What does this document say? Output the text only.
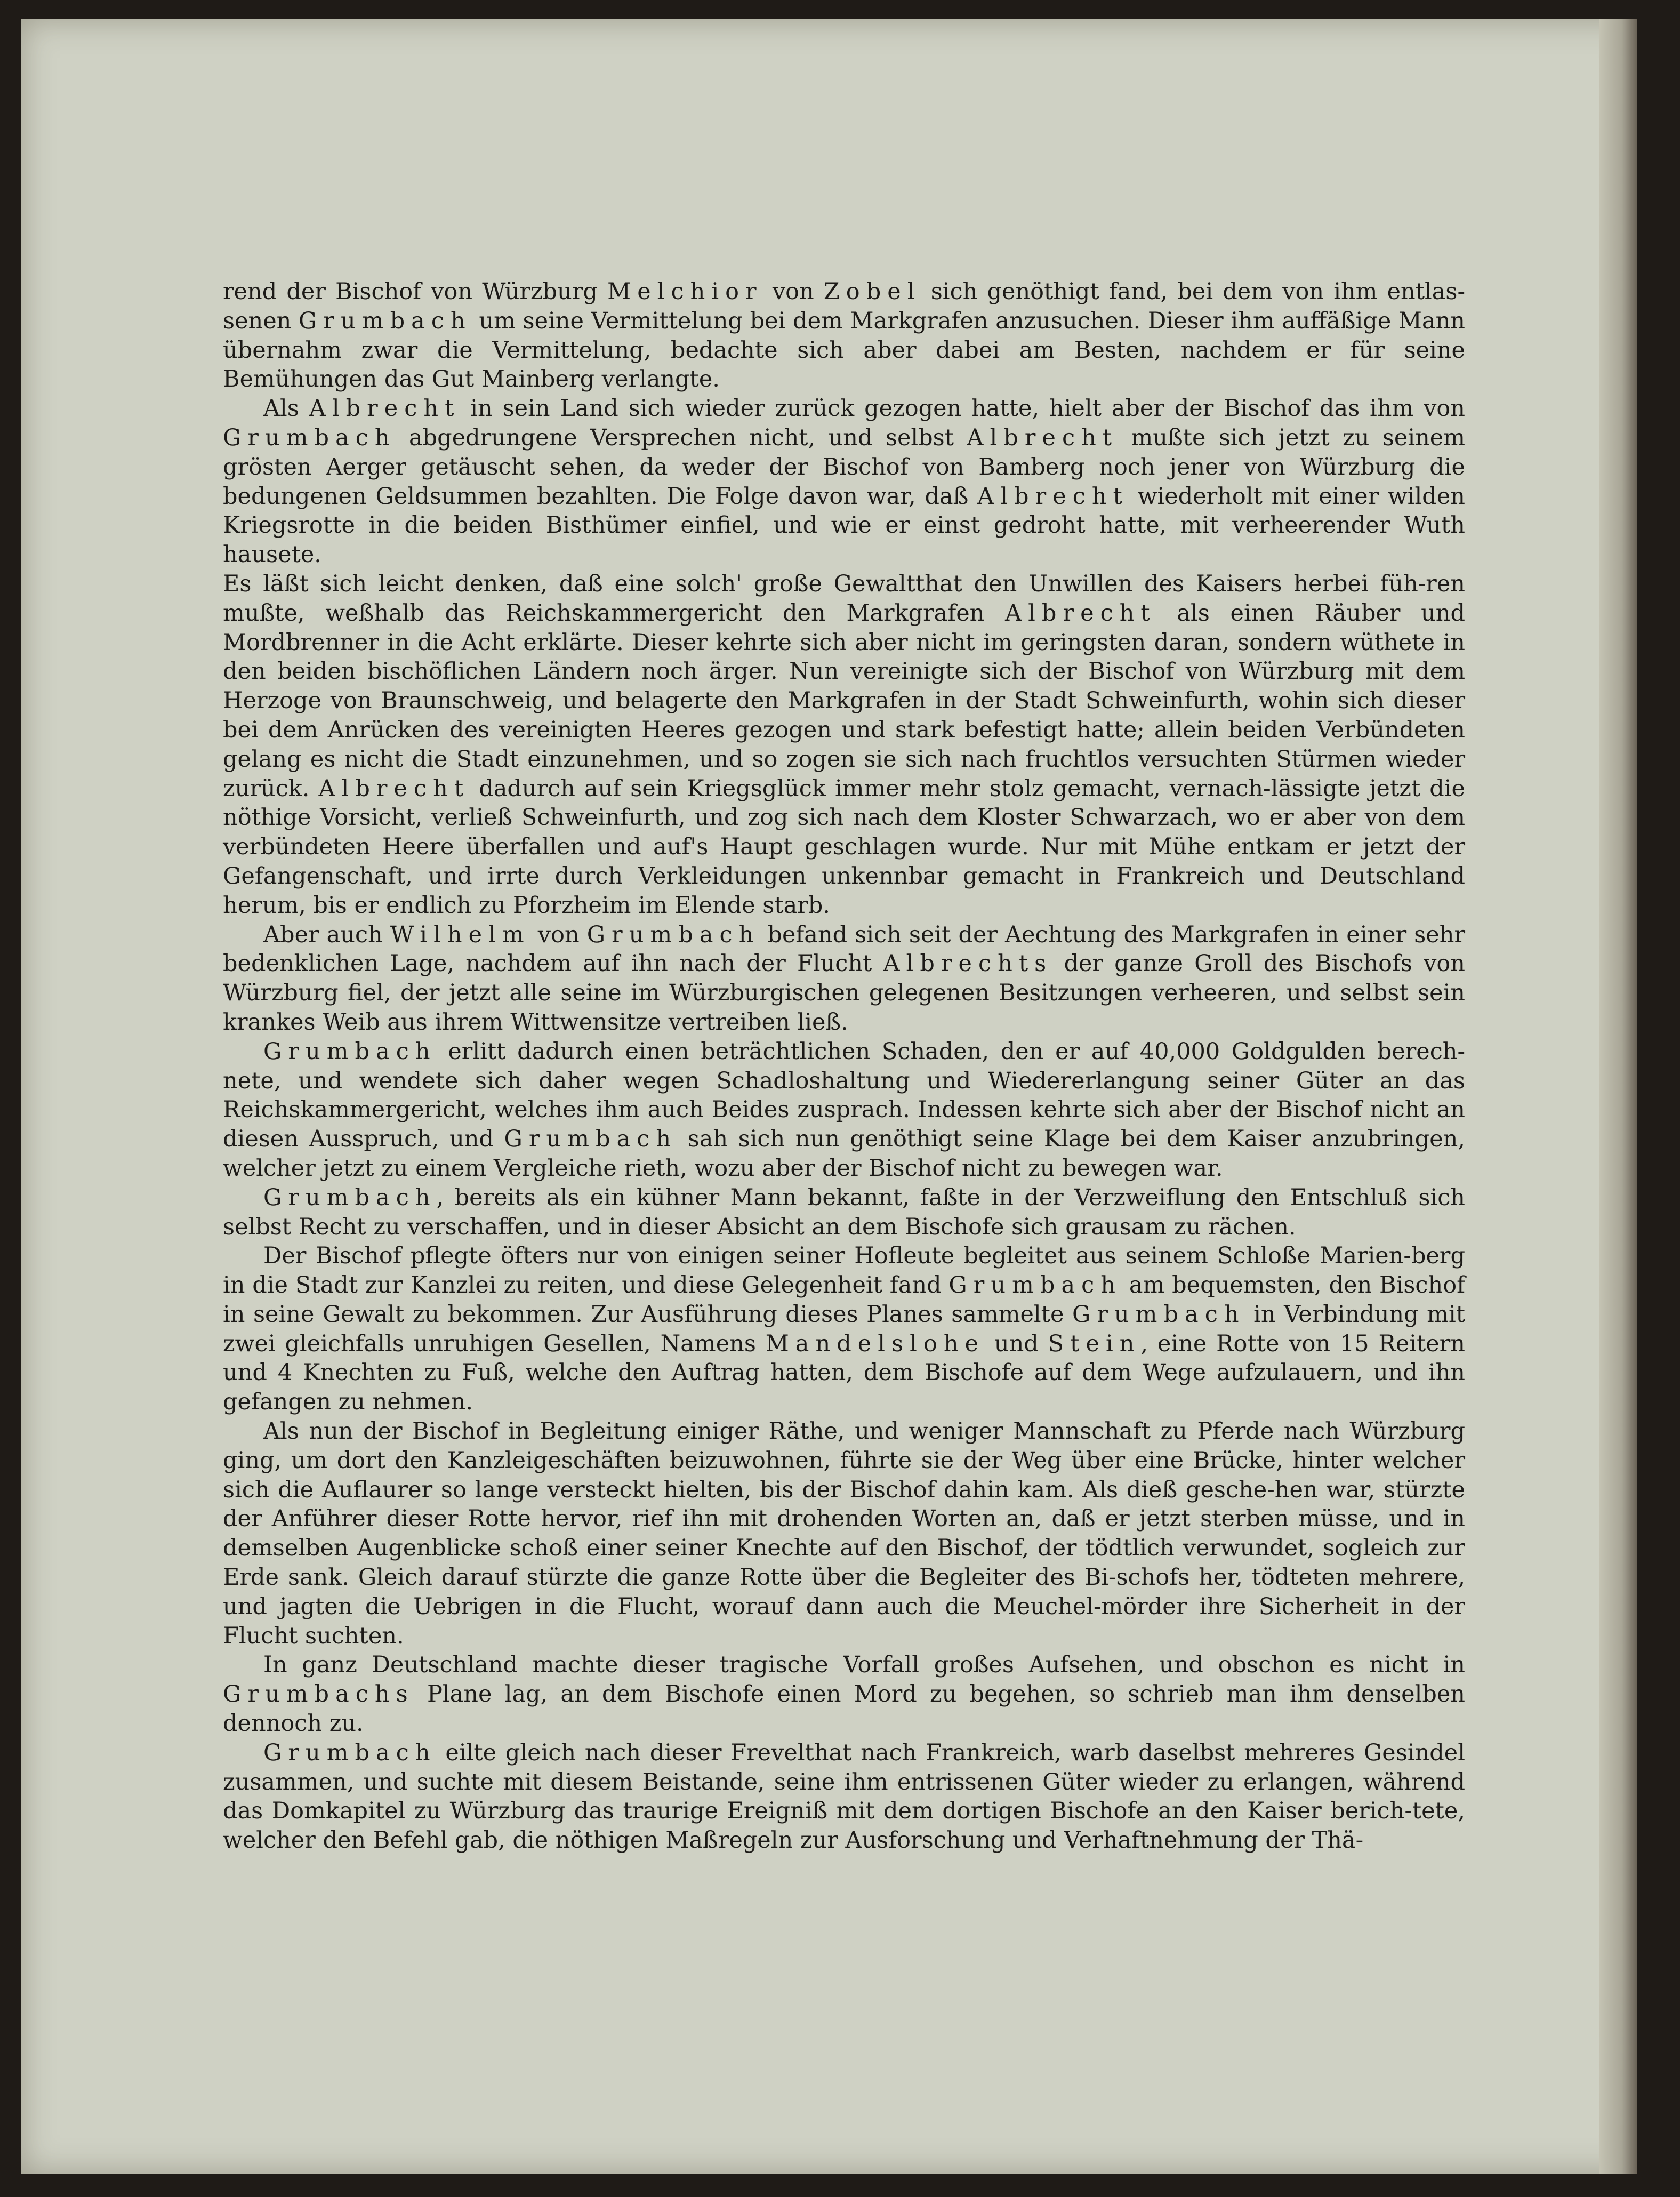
rend der Bischof von Würzburg Melchior von Zobel sich genöthigt fand, bei dem von ihm entlas-senen Grumbach um seine Vermittelung bei dem Markgrafen anzusuchen. Dieser ihm auffäßige Mann übernahm zwar die Vermittelung, bedachte sich aber dabei am Besten, nachdem er für seine Bemühungen das Gut Mainberg verlangte.

Als Albrecht in sein Land sich wieder zurück gezogen hatte, hielt aber der Bischof das ihm von Grumbach abgedrungene Versprechen nicht, und selbst Albrecht mußte sich jetzt zu seinem grösten Aerger getäuscht sehen, da weder der Bischof von Bamberg noch jener von Würzburg die bedungenen Geldsummen bezahlten. Die Folge davon war, daß Albrecht wiederholt mit einer wilden Kriegsrotte in die beiden Bisthümer einfiel, und wie er einst gedroht hatte, mit verheerender Wuth hausete.

Es läßt sich leicht denken, daß eine solch' große Gewaltthat den Unwillen des Kaisers herbei füh-ren mußte, weßhalb das Reichskammergericht den Markgrafen Albrecht als einen Räuber und Mordbrenner in die Acht erklärte. Dieser kehrte sich aber nicht im geringsten daran, sondern wüthete in den beiden bischöflichen Ländern noch ärger. Nun vereinigte sich der Bischof von Würzburg mit dem Herzoge von Braunschweig, und belagerte den Markgrafen in der Stadt Schweinfurth, wohin sich dieser bei dem Anrücken des vereinigten Heeres gezogen und stark befestigt hatte; allein beiden Verbündeten gelang es nicht die Stadt einzunehmen, und so zogen sie sich nach fruchtlos versuchten Stürmen wieder zurück. Albrecht dadurch auf sein Kriegsglück immer mehr stolz gemacht, vernach-lässigte jetzt die nöthige Vorsicht, verließ Schweinfurth, und zog sich nach dem Kloster Schwarzach, wo er aber von dem verbündeten Heere überfallen und auf's Haupt geschlagen wurde. Nur mit Mühe entkam er jetzt der Gefangenschaft, und irrte durch Verkleidungen unkennbar gemacht in Frankreich und Deutschland herum, bis er endlich zu Pforzheim im Elende starb.

Aber auch Wilhelm von Grumbach befand sich seit der Aechtung des Markgrafen in einer sehr bedenklichen Lage, nachdem auf ihn nach der Flucht Albrechts der ganze Groll des Bischofs von Würzburg fiel, der jetzt alle seine im Würzburgischen gelegenen Besitzungen verheeren, und selbst sein krankes Weib aus ihrem Wittwensitze vertreiben ließ.

Grumbach erlitt dadurch einen beträchtlichen Schaden, den er auf 40,000 Goldgulden berech-nete, und wendete sich daher wegen Schadloshaltung und Wiedererlangung seiner Güter an das Reichskammergericht, welches ihm auch Beides zusprach. Indessen kehrte sich aber der Bischof nicht an diesen Ausspruch, und Grumbach sah sich nun genöthigt seine Klage bei dem Kaiser anzubringen, welcher jetzt zu einem Vergleiche rieth, wozu aber der Bischof nicht zu bewegen war.

Grumbach, bereits als ein kühner Mann bekannt, faßte in der Verzweiflung den Entschluß sich selbst Recht zu verschaffen, und in dieser Absicht an dem Bischofe sich grausam zu rächen.

Der Bischof pflegte öfters nur von einigen seiner Hofleute begleitet aus seinem Schloße Marien-berg in die Stadt zur Kanzlei zu reiten, und diese Gelegenheit fand Grumbach am bequemsten, den Bischof in seine Gewalt zu bekommen. Zur Ausführung dieses Planes sammelte Grumbach in Verbindung mit zwei gleichfalls unruhigen Gesellen, Namens Mandelslohe und Stein, eine Rotte von 15 Reitern und 4 Knechten zu Fuß, welche den Auftrag hatten, dem Bischofe auf dem Wege aufzulauern, und ihn gefangen zu nehmen.

Als nun der Bischof in Begleitung einiger Räthe, und weniger Mannschaft zu Pferde nach Würzburg ging, um dort den Kanzleigeschäften beizuwohnen, führte sie der Weg über eine Brücke, hinter welcher sich die Auflaurer so lange versteckt hielten, bis der Bischof dahin kam. Als dieß gesche-hen war, stürzte der Anführer dieser Rotte hervor, rief ihn mit drohenden Worten an, daß er jetzt sterben müsse, und in demselben Augenblicke schoß einer seiner Knechte auf den Bischof, der tödtlich verwundet, sogleich zur Erde sank. Gleich darauf stürzte die ganze Rotte über die Begleiter des Bi-schofs her, tödteten mehrere, und jagten die Uebrigen in die Flucht, worauf dann auch die Meuchel-mörder ihre Sicherheit in der Flucht suchten.

In ganz Deutschland machte dieser tragische Vorfall großes Aufsehen, und obschon es nicht in Grumbachs Plane lag, an dem Bischofe einen Mord zu begehen, so schrieb man ihm denselben dennoch zu.

Grumbach eilte gleich nach dieser Frevelthat nach Frankreich, warb daselbst mehreres Gesindel zusammen, und suchte mit diesem Beistande, seine ihm entrissenen Güter wieder zu erlangen, während das Domkapitel zu Würzburg das traurige Ereigniß mit dem dortigen Bischofe an den Kaiser berich-tete, welcher den Befehl gab, die nöthigen Maßregeln zur Ausforschung und Verhaftnehmung der Thä-
